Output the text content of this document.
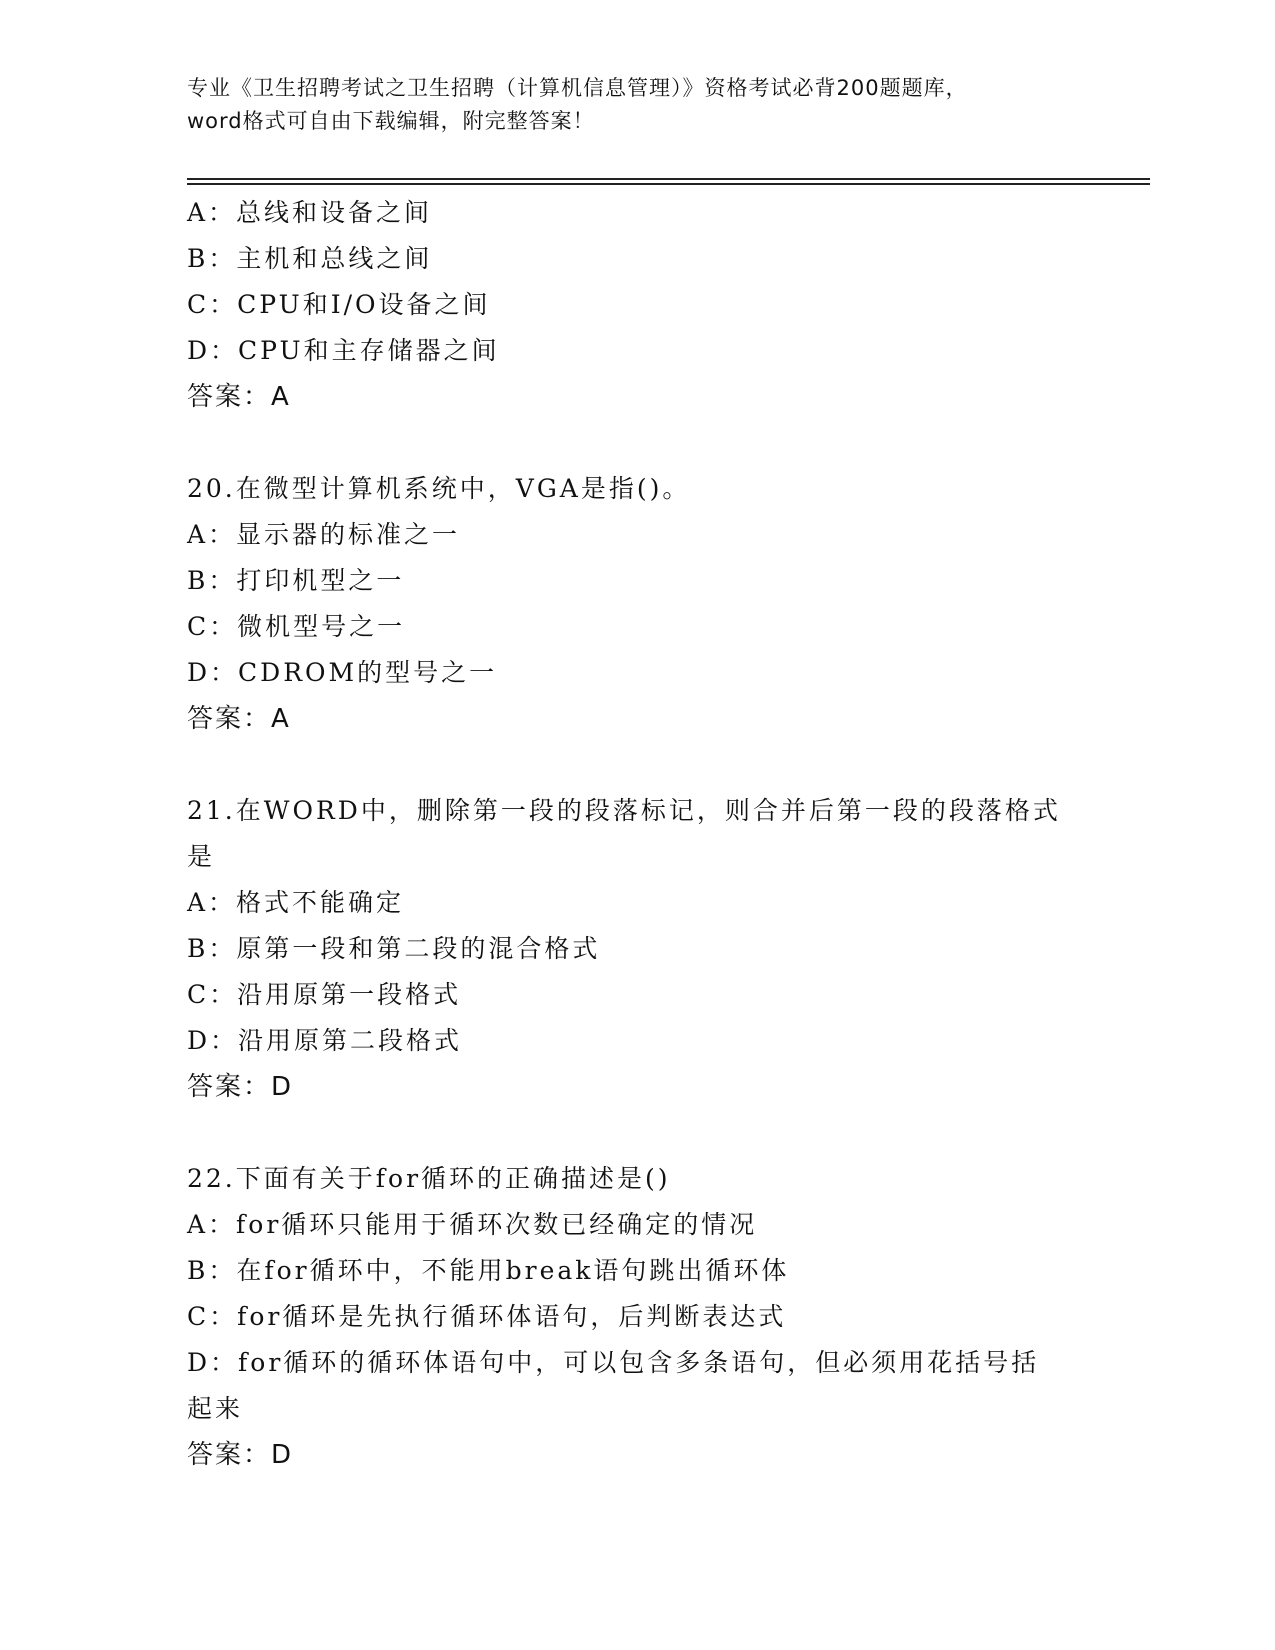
专业《卫生招聘考试之卫生招聘（计算机信息管理）》资格考试必背200题题库，
word格式可自由下载编辑，附完整答案！
A：总线和设备之间
B：主机和总线之间
C：CPU和I/O设备之间
D：CPU和主存储器之间
答案：A
20.在微型计算机系统中，VGA是指()。
A：显示器的标准之一
B：打印机型之一
C：微机型号之一
D：CDROM的型号之一
答案：A
21.在WORD中，删除第一段的段落标记，则合并后第一段的段落格式
是
A：格式不能确定
B：原第一段和第二段的混合格式
C：沿用原第一段格式
D：沿用原第二段格式
答案：D
22.下面有关于for循环的正确描述是()
A：for循环只能用于循环次数已经确定的情况
B：在for循环中，不能用break语句跳出循环体
C：for循环是先执行循环体语句，后判断表达式
D：for循环的循环体语句中，可以包含多条语句，但必须用花括号括
起来
答案：D
